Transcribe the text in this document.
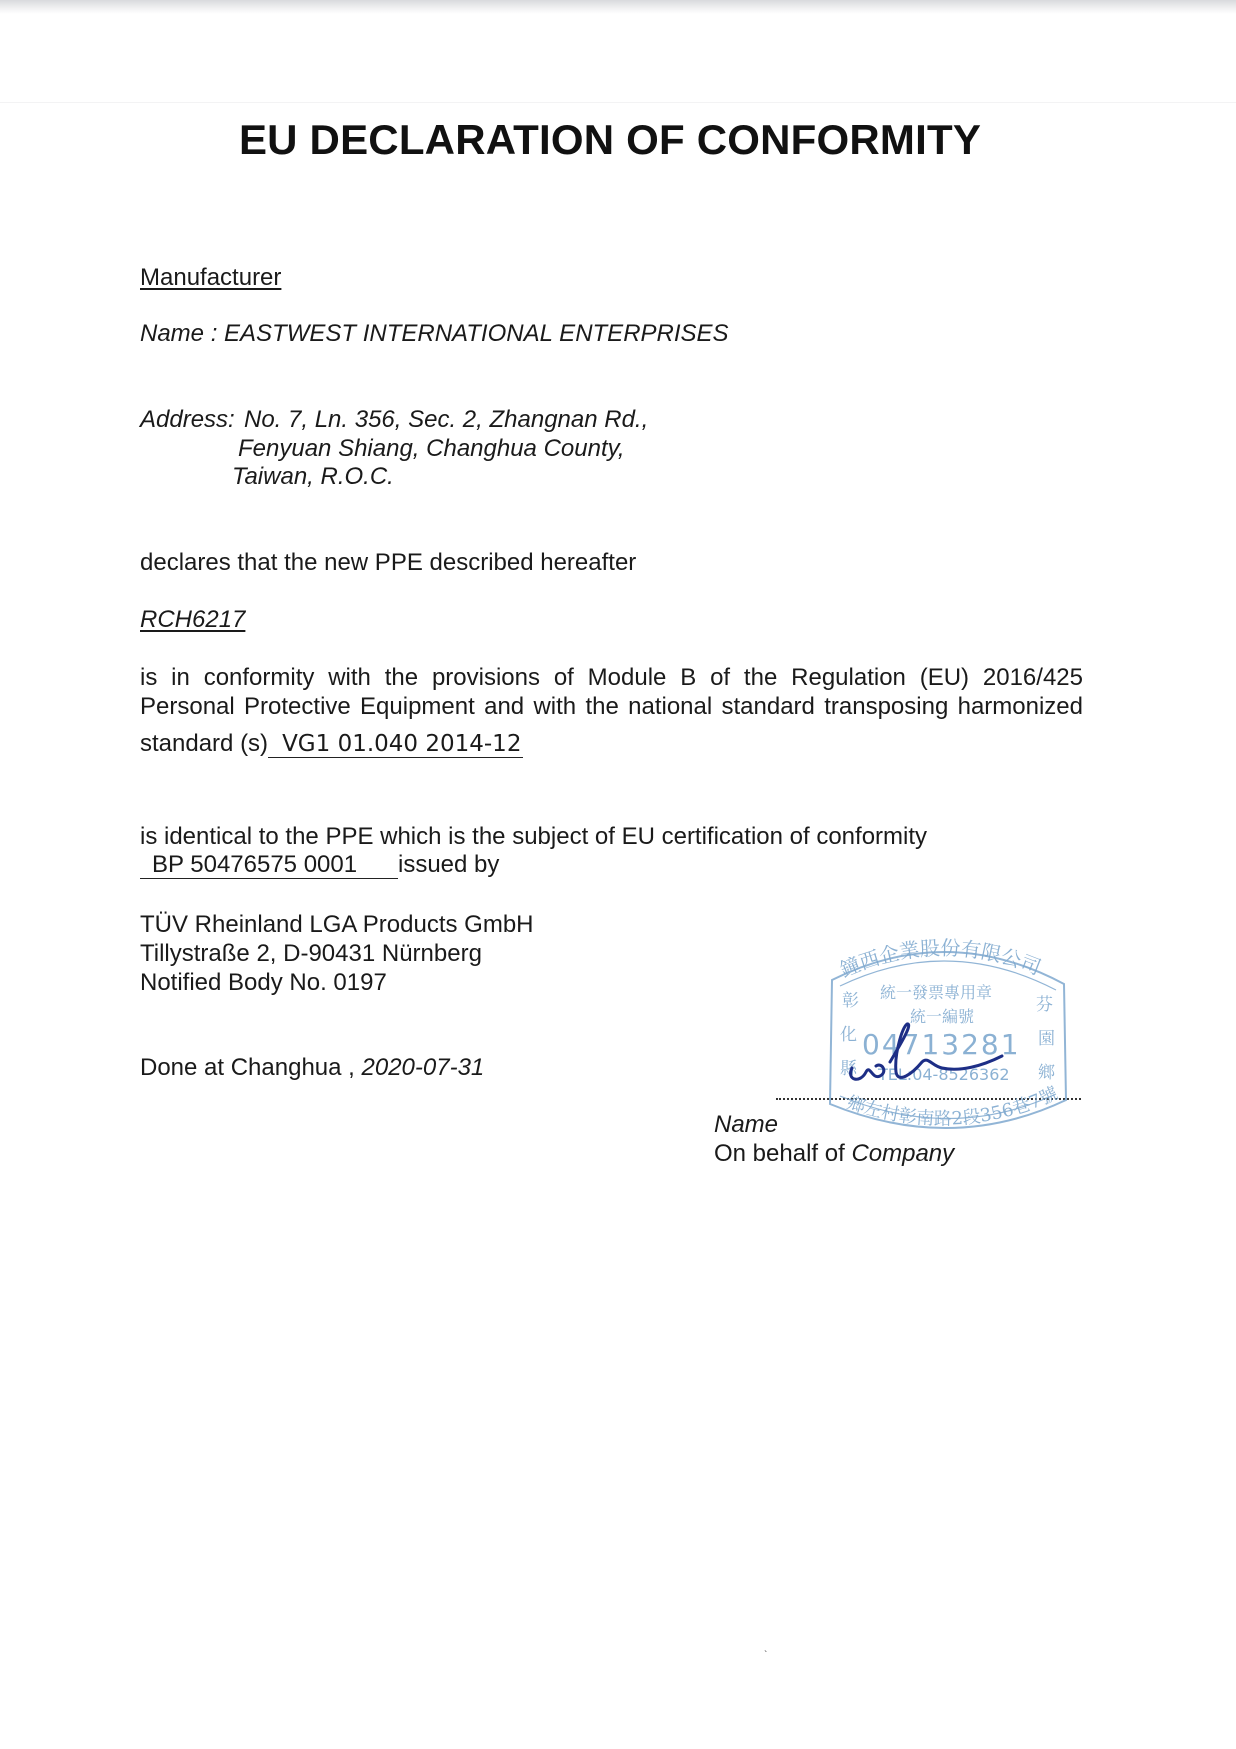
EU DECLARATION OF CONFORMITY
Manufacturer
Name : EASTWEST INTERNATIONAL ENTERPRISES
Address: No. 7, Ln. 356, Sec. 2, Zhangnan Rd.,
Fenyuan Shiang, Changhua County,
Taiwan, R.O.C.
declares that the new PPE described hereafter
RCH6217
is in conformity with the provisions of Module B of the Regulation (EU) 2016/425
Personal Protective Equipment and with the national standard transposing harmonized
standard (s) VG1 01.040 2014-12
is identical to the PPE which is the subject of EU certification of conformity
BP 50476575 0001 issued by
TÜV Rheinland LGA Products GmbH
Tillystraße 2, D-90431 Nürnberg
Notified Body No. 0197
Done at Changhua , 2020-07-31
Name
On behalf of Company
鐘西企業股份有限公司
統一發票專用章
統一編號
04713281
TEL:04-8526362
鄉左村彰南路2段356巷7號
彰
化
縣
芬
園
鄉
`
